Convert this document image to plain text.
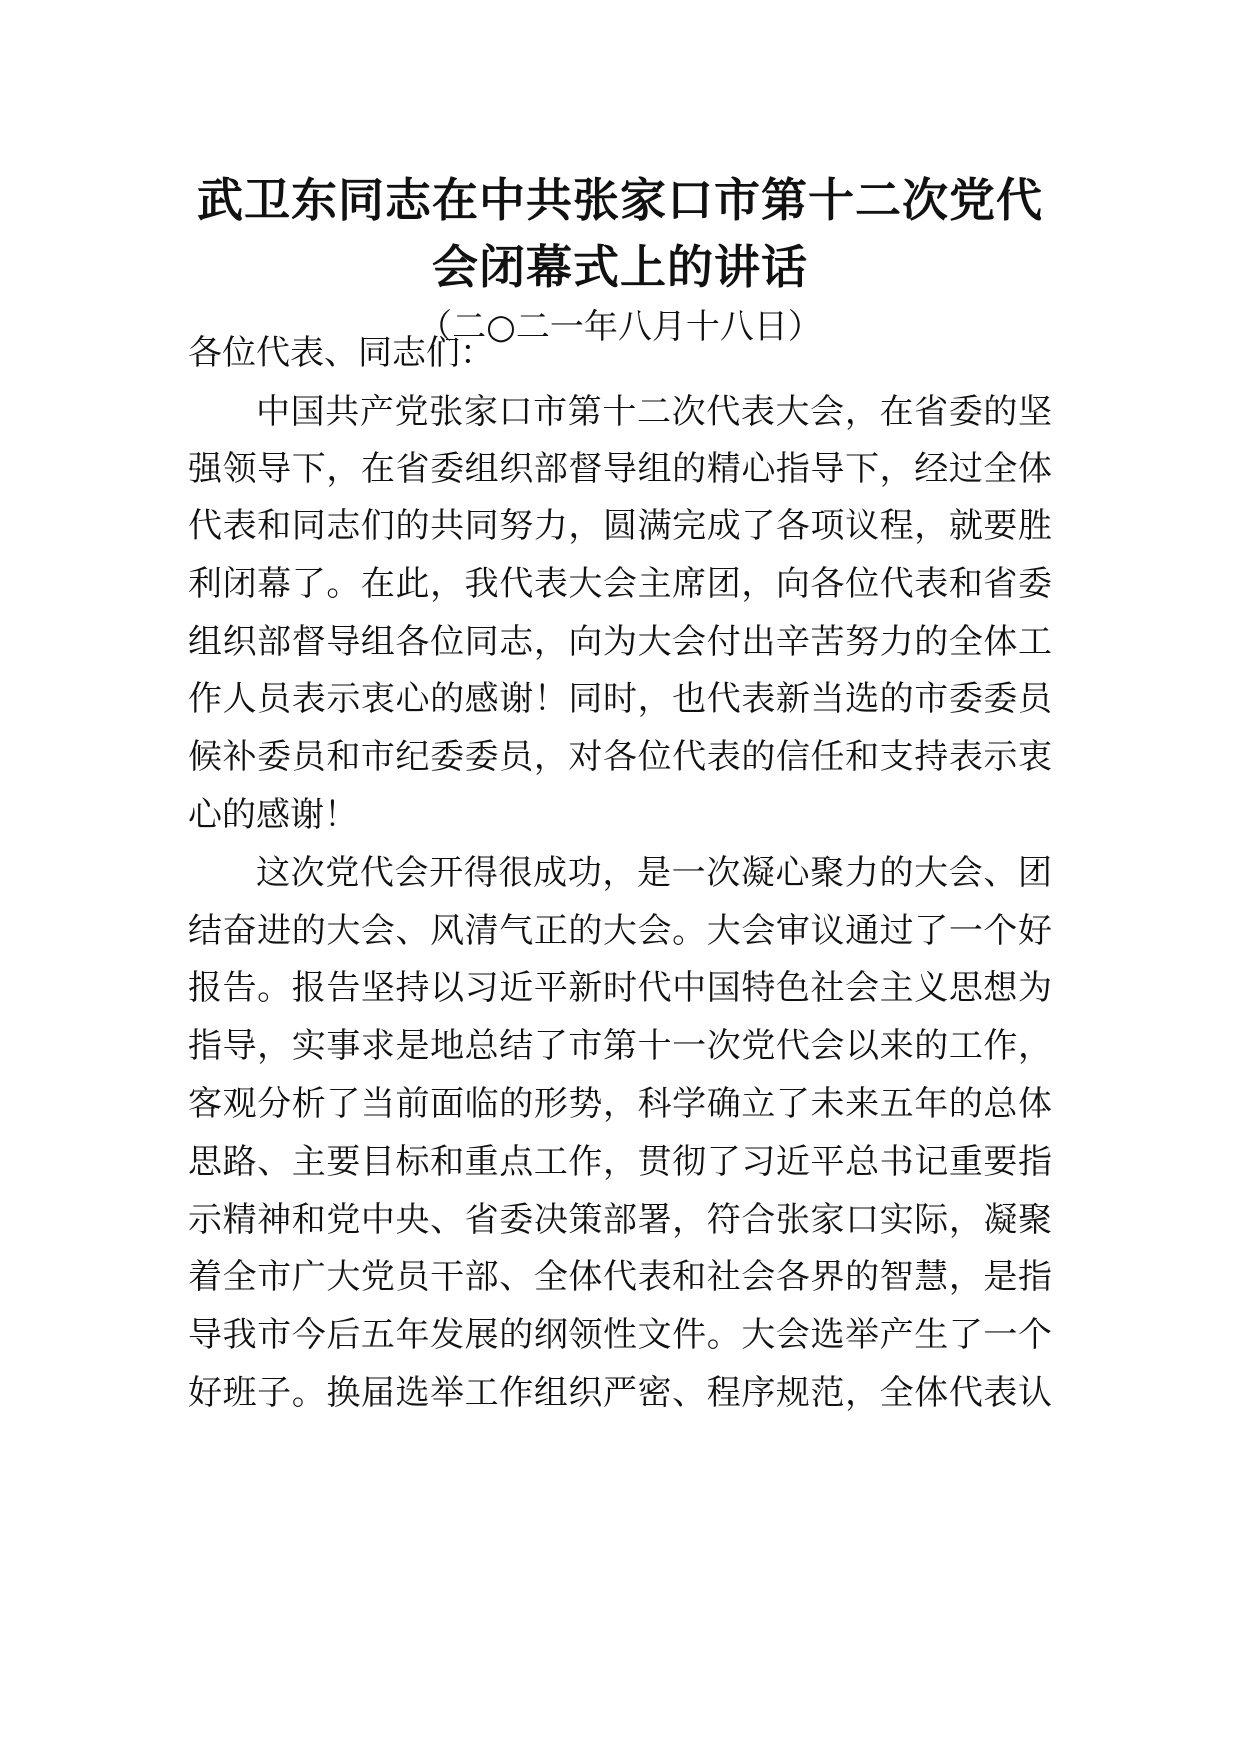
武卫东同志在中共张家口市第十二次党代
会闭幕式上的讲话
（二○二一年八月十八日）
各位代表、同志们：
中国共产党张家口市第十二次代表大会，在省委的坚
强领导下，在省委组织部督导组的精心指导下，经过全体
代表和同志们的共同努力，圆满完成了各项议程，就要胜
利闭幕了。在此，我代表大会主席团，向各位代表和省委
组织部督导组各位同志，向为大会付出辛苦努力的全体工
作人员表示衷心的感谢！同时，也代表新当选的市委委员
候补委员和市纪委委员，对各位代表的信任和支持表示衷
心的感谢！
这次党代会开得很成功，是一次凝心聚力的大会、团
结奋进的大会、风清气正的大会。大会审议通过了一个好
报告。报告坚持以习近平新时代中国特色社会主义思想为
指导，实事求是地总结了市第十一次党代会以来的工作，
客观分析了当前面临的形势，科学确立了未来五年的总体
思路、主要目标和重点工作，贯彻了习近平总书记重要指
示精神和党中央、省委决策部署，符合张家口实际，凝聚
着全市广大党员干部、全体代表和社会各界的智慧，是指
导我市今后五年发展的纲领性文件。大会选举产生了一个
好班子。换届选举工作组织严密、程序规范，全体代表认
